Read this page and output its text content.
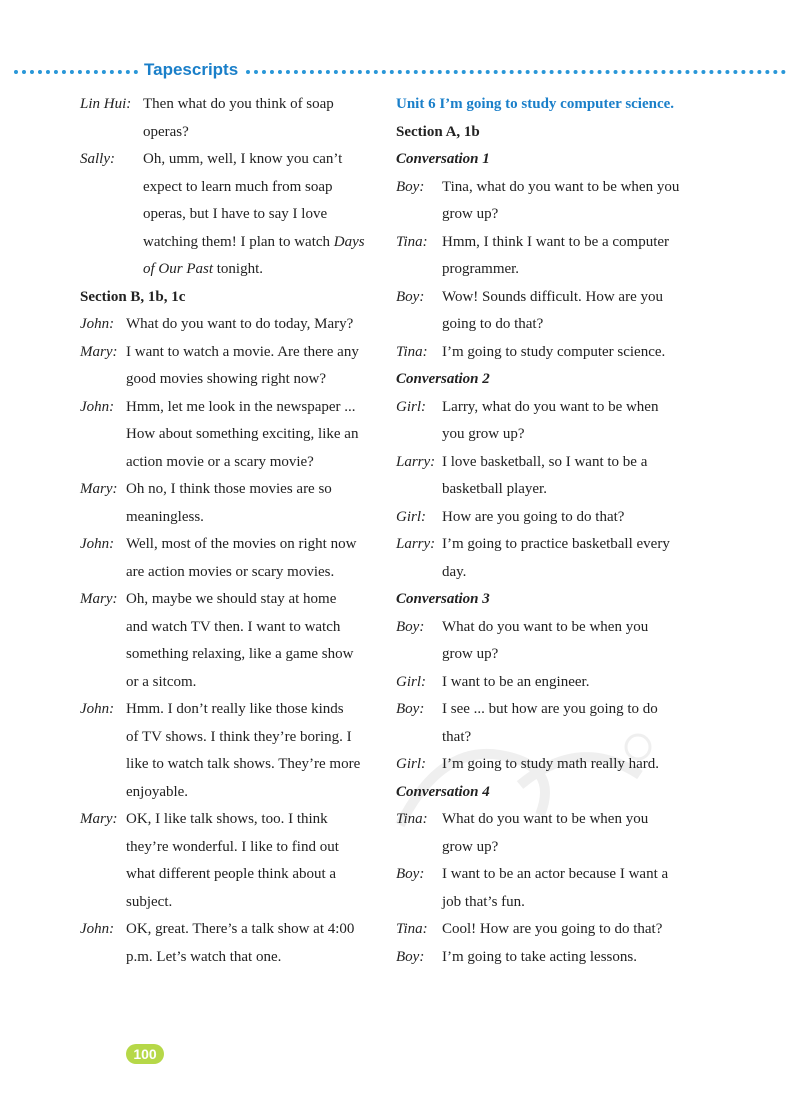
Tapescripts
Lin Hui: Then what do you think of soap
operas?
Sally:	Oh, umm, well, I know you can’t
expect to learn much from soap
operas, but I have to say I love
watching them! I plan to watch Days
of Our Past tonight.
Section B, 1b, 1c
John: What do you want to do today, Mary?
Mary: I want to watch a movie. Are there any
good movies showing right now?
John: Hmm, let me look in the newspaper ...
How about something exciting, like an
action movie or a scary movie?
Mary: Oh no, I think those movies are so
meaningless.
John: Well, most of the movies on right now
are action movies or scary movies.
Mary: Oh, maybe we should stay at home
and watch TV then. I want to watch
something relaxing, like a game show
or a sitcom.
John: Hmm. I don’t really like those kinds
of TV shows. I think they’re boring. I
like to watch talk shows. They’re more
enjoyable.
Mary: OK, I like talk shows, too. I think
they’re wonderful. I like to find out
what different people think about a
subject.
John: OK, great. There’s a talk show at 4:00
p.m. Let’s watch that one.
Unit 6 I’m going to study computer science.
Section A, 1b
Conversation 1
Boy:	Tina, what do you want to be when you
grow up?
Tina: Hmm, I think I want to be a computer
programmer.
Boy:	Wow! Sounds difficult. How are you
going to do that?
Tina: I’m going to study computer science.
Conversation 2
Girl:	Larry, what do you want to be when
you grow up?
Larry: I love basketball, so I want to be a
basketball player.
Girl:	How are you going to do that?
Larry: I’m going to practice basketball every
day.
Conversation 3
Boy:	What do you want to be when you
grow up?
Girl:	I want to be an engineer.
Boy:	I see ... but how are you going to do
that?
Girl:	I’m going to study math really hard.
Conversation 4
Tina: What do you want to be when you
grow up?
Boy:	I want to be an actor because I want a
job that’s fun.
Tina: Cool! How are you going to do that?
Boy:	I’m going to take acting lessons.
100
